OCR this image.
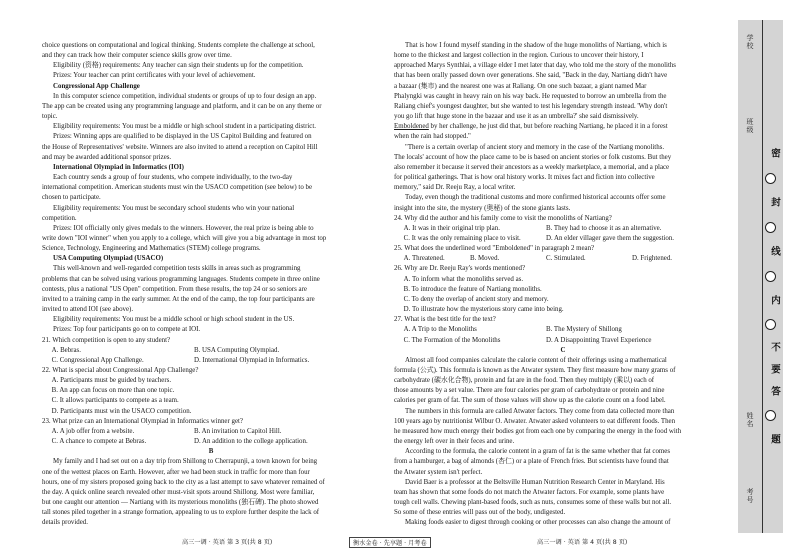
choice questions on computational and logical thinking. Students complete the challenge at school,

and they can track how their computer science skills grow over time.

Eligibility (资格) requirements: Any teacher can sign their students up for the competition.

Prizes: Your teacher can print certificates with your level of achievement.

Congressional App Challenge

In this computer science competition, individual students or groups of up to four design an app.

The app can be created using any programming language and platform, and it can be on any theme or

topic.

Eligibility requirements: You must be a middle or high school student in a participating district.

Prizes: Winning apps are qualified to be displayed in the US Capitol Building and featured on

the House of Representatives' website. Winners are also invited to attend a reception on Capitol Hill

and may be awarded additional sponsor prizes.

International Olympiad in Informatics (IOI)

Each country sends a group of four students, who compete individually, to the two-day

international competition. American students must win the USACO competition (see below) to be

chosen to participate.

Eligibility requirements: You must be secondary school students who win your national

competition.

Prizes: IOI officially only gives medals to the winners. However, the real prize is being able to

write down "IOI winner" when you apply to a college, which will give you a big advantage in most top

Science, Technology, Engineering and Mathematics (STEM) college programs.

USA Computing Olympiad (USACO)

This well-known and well-regarded competition tests skills in areas such as programming

problems that can be solved using various programming languages. Students compete in three online

contests, plus a national "US Open" competition. From these results, the top 24 or so seniors are

invited to a training camp in the early summer. At the end of the camp, the top four participants are

invited to attend IOI (see above).

Eligibility requirements: You must be a middle school or high school student in the US.

Prizes: Top four participants go on to compete at IOI.

21. Which competition is open to any student?

A. Bebras.	B. USA Computing Olympiad.
C. Congressional App Challenge.	D. International Olympiad in Informatics.

22. What is special about Congressional App Challenge?

A. Participants must be guided by teachers.

B. An app can focus on more than one topic.

C. It allows participants to compete as a team.

D. Participants must win the USACO competition.

23. What prize can an International Olympiad in Informatics winner get?

A. A job offer from a website.	B. An invitation to Capitol Hill.
C. A chance to compete at Bebras.	D. An addition to the college application.

B

My family and I had set out on a day trip from Shillong to Cherrapunji, a town known for being

one of the wettest places on Earth. However, after we had been stuck in traffic for more than four

hours, one of my sisters proposed going back to the city as a last attempt to save whatever remained of

the day. A quick online search revealed other must-visit spots around Shillong. Most were familiar,

but one caught our attention — Nartiang with its mysterious monoliths (独石碑). The photo showed

tall stones piled together in a strange formation, appealing to us to explore further despite the lack of

details provided.

That is how I found myself standing in the shadow of the huge monoliths of Nartiang, which is

home to the thickest and largest collection in the region. Curious to uncover their history, I

approached Marys Synthlai, a village elder I met later that day, who told me the story of the monoliths

that has been orally passed down over generations. She said, "Back in the day, Nartiang didn't have

a bazaar (集市) and the nearest one was at Raliang. On one such bazaar, a giant named Mar

Phalyngki was caught in heavy rain on his way back. He requested to borrow an umbrella from the

Raliang chief's youngest daughter, but she wanted to test his legendary strength instead. 'Why don't

you go lift that huge stone in the bazaar and use it as an umbrella?' she said dismissively.

Emboldened by her challenge, he just did that, but before reaching Nartiang, he placed it in a forest

when the rain had stopped."

"There is a certain overlap of ancient story and memory in the case of the Nartiang monoliths.

The locals' account of how the place came to be is based on ancient stories or folk customs. But they

also remember it because it served their ancestors as a weekly marketplace, a memorial, and a place

for political gatherings. That is how oral history works. It mixes fact and fiction into collective

memory," said Dr. Reeju Ray, a local writer.

Today, even though the traditional customs and more confirmed historical accounts offer some

insight into the site, the mystery (奥秘) of the stone giants lasts.

24. Why did the author and his family come to visit the monoliths of Nartiang?

A. It was in their original trip plan.	B. They had to choose it as an alternative.
C. It was the only remaining place to visit.	D. An elder villager gave them the suggestion.

25. What does the underlined word "Emboldened" in paragraph 2 mean?

A. Threatened.	B. Moved.	C. Stimulated.	D. Frightened.

26. Why are Dr. Reeju Ray's words mentioned?

A. To inform what the monoliths served as.

B. To introduce the feature of Nartiang monoliths.

C. To deny the overlap of ancient story and memory.

D. To illustrate how the mysterious story came into being.

27. What is the best title for the text?

A. A Trip to the Monoliths	B. The Mystery of Shillong
C. The Formation of the Monoliths	D. A Disappointing Travel Experience

C

Almost all food companies calculate the calorie content of their offerings using a mathematical

formula (公式). This formula is known as the Atwater system. They first measure how many grams of

carbohydrate (碳水化合物), protein and fat are in the food. Then they multiply (乘以) each of

those amounts by a set value. There are four calories per gram of carbohydrate or protein and nine

calories per gram of fat. The sum of those values will show up as the calorie count on a food label.

The numbers in this formula are called Atwater factors. They come from data collected more than

100 years ago by nutritionist Wilbur O. Atwater. Atwater asked volunteers to eat different foods. Then

he measured how much energy their bodies got from each one by comparing the energy in the food with

the energy left over in their feces and urine.

According to the formula, the calorie content in a gram of fat is the same whether that fat comes

from a hamburger, a bag of almonds (杏仁) or a plate of French fries. But scientists have found that

the Atwater system isn't perfect.

David Baer is a professor at the Beltsville Human Nutrition Research Center in Maryland. His

team has shown that some foods do not match the Atwater factors. For example, some plants have

tough cell walls. Chewing plant-based foods, such as nuts, consumes some of these walls but not all.

So some of these entries will pass out of the body, undigested.

Making foods easier to digest through cooking or other processes can also change the amount of

高三一调 · 英语 第 3 页(共 8 页)	衡水金卷 · 先享题 · 月考卷	高三一调 · 英语 第 4 页(共 8 页)
学校
班级
姓名
考号
密
封
线
内
不
要
答
题
